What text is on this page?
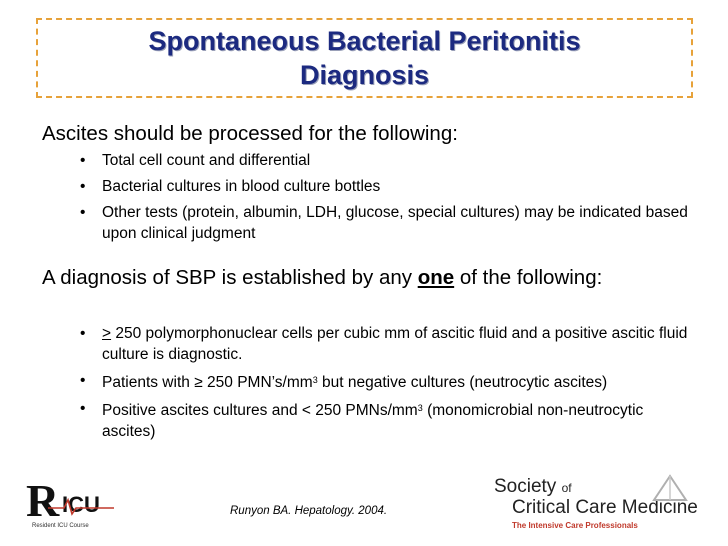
Spontaneous Bacterial Peritonitis
Diagnosis
Ascites should be processed for the following:
• Total cell count and differential
• Bacterial cultures in blood culture bottles
• Other tests (protein, albumin, LDH, glucose, special cultures) may be indicated based upon clinical judgment
A diagnosis of SBP is established by any one of the following:
• > 250 polymorphonuclear cells per cubic mm of ascitic fluid and a positive ascitic fluid culture is diagnostic.
• Patients with ≥ 250 $PMN’s/mm^3$ but negative cultures (neutrocytic ascites)
• Positive ascites cultures and < 250 PMNs/$mm^3$ (monomicrobial non-neutrocytic ascites)
R ICU
Resident ICU Course
Runyon BA. Hepatology. 2004.
Society of
Critical Care Medicine
The Intensive Care Professionals
